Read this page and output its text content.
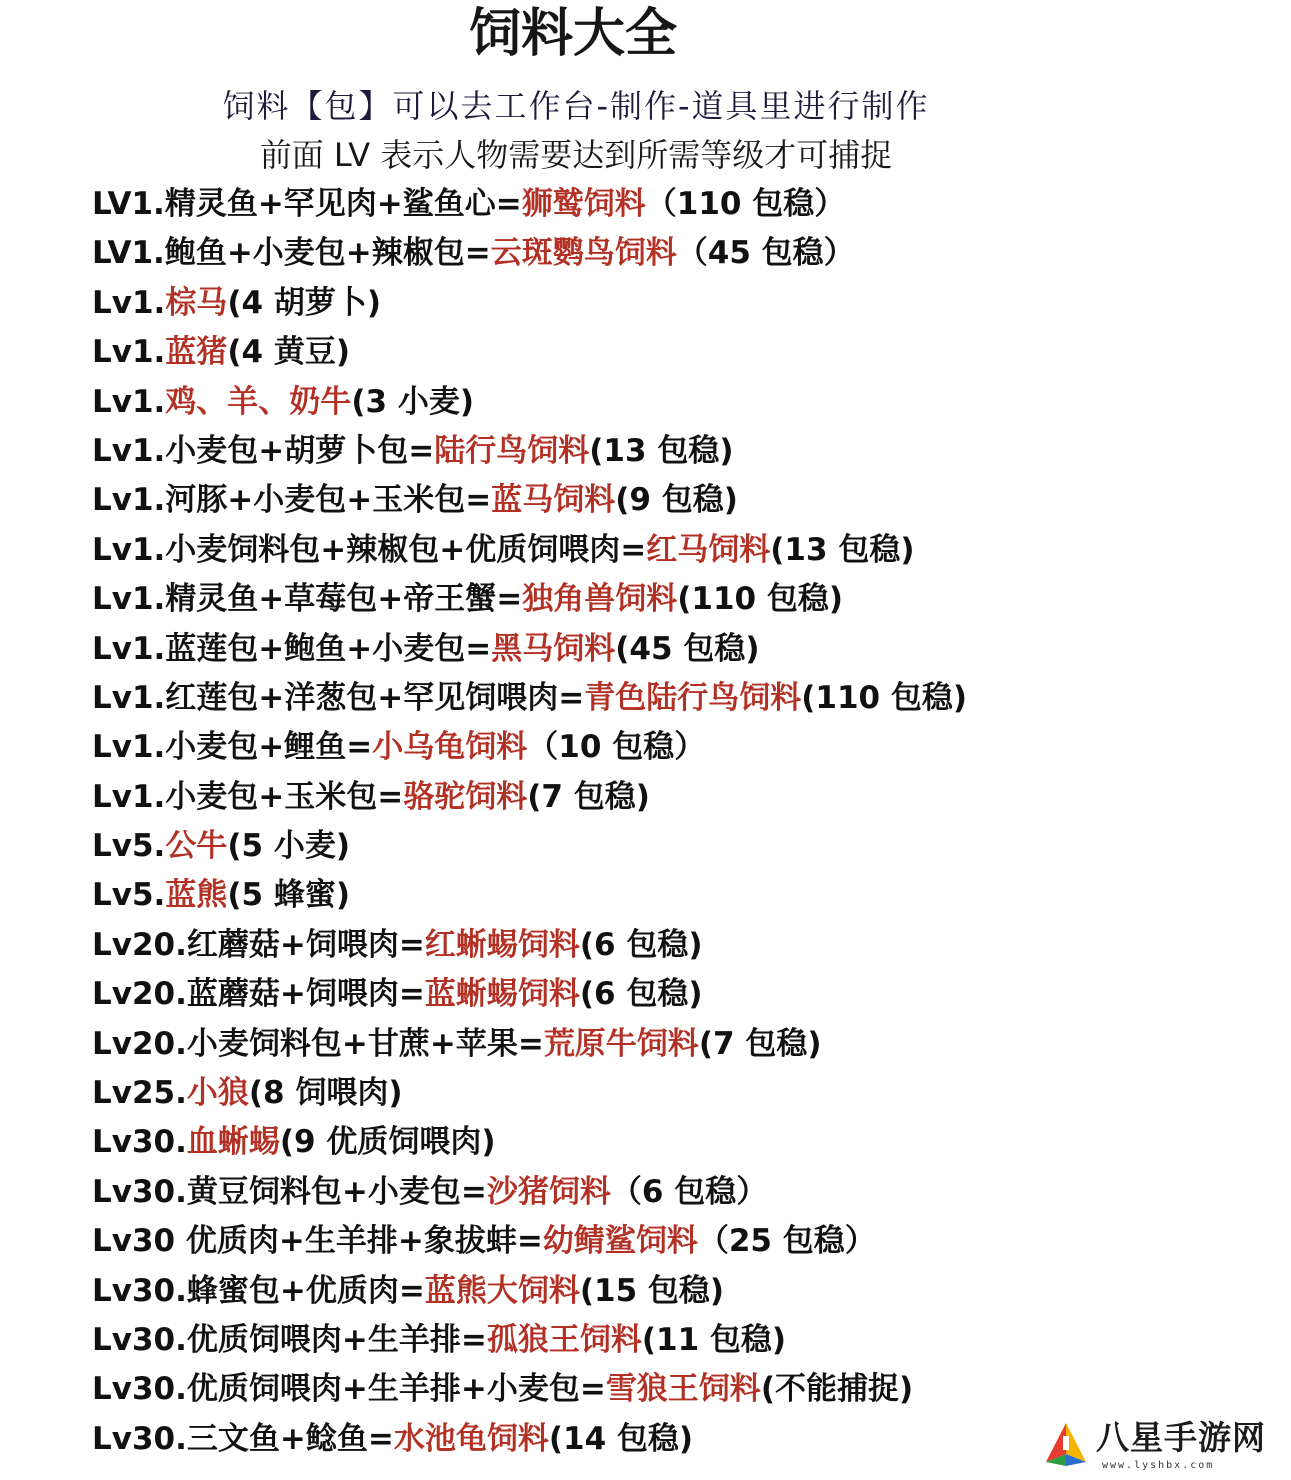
饲料大全
饲料【包】可以去工作台-制作-道具里进行制作
前面 LV 表示人物需要达到所需等级才可捕捉
LV1.精灵鱼+罕见肉+鲨鱼心=狮鹫饲料（110 包稳）
LV1.鲍鱼+小麦包+辣椒包=云斑鹦鸟饲料（45 包稳）
Lv1.棕马(4 胡萝卜)
Lv1.蓝猪(4 黄豆)
Lv1.鸡、羊、奶牛(3 小麦)
Lv1.小麦包+胡萝卜包=陆行鸟饲料(13 包稳)
Lv1.河豚+小麦包+玉米包=蓝马饲料(9 包稳)
Lv1.小麦饲料包+辣椒包+优质饲喂肉=红马饲料(13 包稳)
Lv1.精灵鱼+草莓包+帝王蟹=独角兽饲料(110 包稳)
Lv1.蓝莲包+鲍鱼+小麦包=黑马饲料(45 包稳)
Lv1.红莲包+洋葱包+罕见饲喂肉=青色陆行鸟饲料(110 包稳)
Lv1.小麦包+鲤鱼=小乌龟饲料（10 包稳）
Lv1.小麦包+玉米包=骆驼饲料(7 包稳)
Lv5.公牛(5 小麦)
Lv5.蓝熊(5 蜂蜜)
Lv20.红蘑菇+饲喂肉=红蜥蜴饲料(6 包稳)
Lv20.蓝蘑菇+饲喂肉=蓝蜥蜴饲料(6 包稳)
Lv20.小麦饲料包+甘蔗+苹果=荒原牛饲料(7 包稳)
Lv25.小狼(8 饲喂肉)
Lv30.血蜥蜴(9 优质饲喂肉)
Lv30.黄豆饲料包+小麦包=沙猪饲料（6 包稳）
Lv30 优质肉+生羊排+象拔蚌=幼鲭鲨饲料（25 包稳）
Lv30.蜂蜜包+优质肉=蓝熊大饲料(15 包稳)
Lv30.优质饲喂肉+生羊排=孤狼王饲料(11 包稳)
Lv30.优质饲喂肉+生羊排+小麦包=雪狼王饲料(不能捕捉)
Lv30.三文鱼+鲶鱼=水池龟饲料(14 包稳)	八星手游网
www.lyshbx.com
